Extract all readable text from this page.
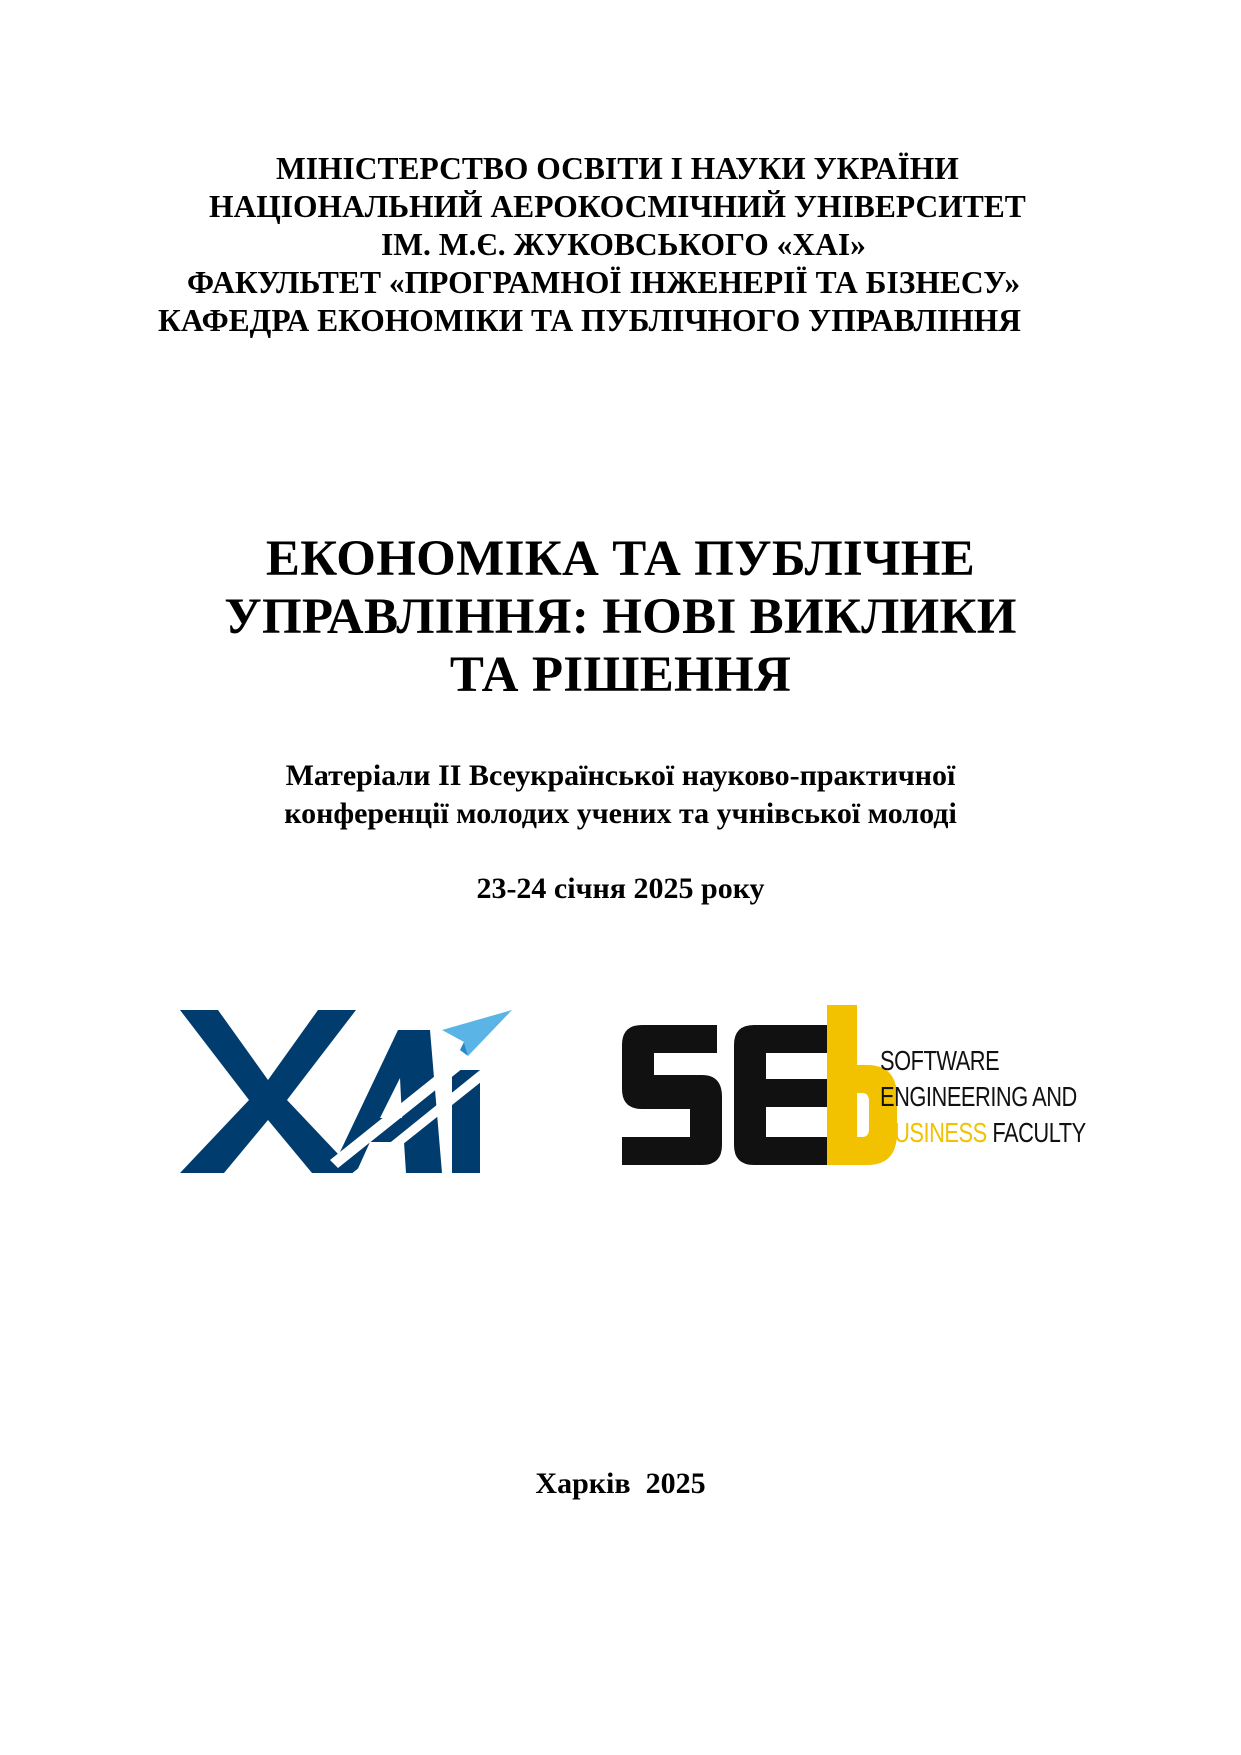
МІНІСТЕРСТВО ОСВІТИ І НАУКИ УКРАЇНИ
НАЦІОНАЛЬНИЙ АЕРОКОСМІЧНИЙ УНІВЕРСИТЕТ
ІМ. М.Є. ЖУКОВСЬКОГО «ХАІ»
ФАКУЛЬТЕТ «ПРОГРАМНОЇ ІНЖЕНЕРІЇ ТА БІЗНЕСУ»
КАФЕДРА ЕКОНОМІКИ ТА ПУБЛІЧНОГО УПРАВЛІННЯ
ЕКОНОМІКА ТА ПУБЛІЧНЕ
УПРАВЛІННЯ: НОВІ ВИКЛИКИ
ТА РІШЕННЯ
Матеріали ІІ Всеукраїнської науково-практичної
конференції молодих учених та учнівської молоді
23-24 січня 2025 року
SOFTWARE
ENGINEERING AND
BUSINESS FACULTY
Харків  2025
